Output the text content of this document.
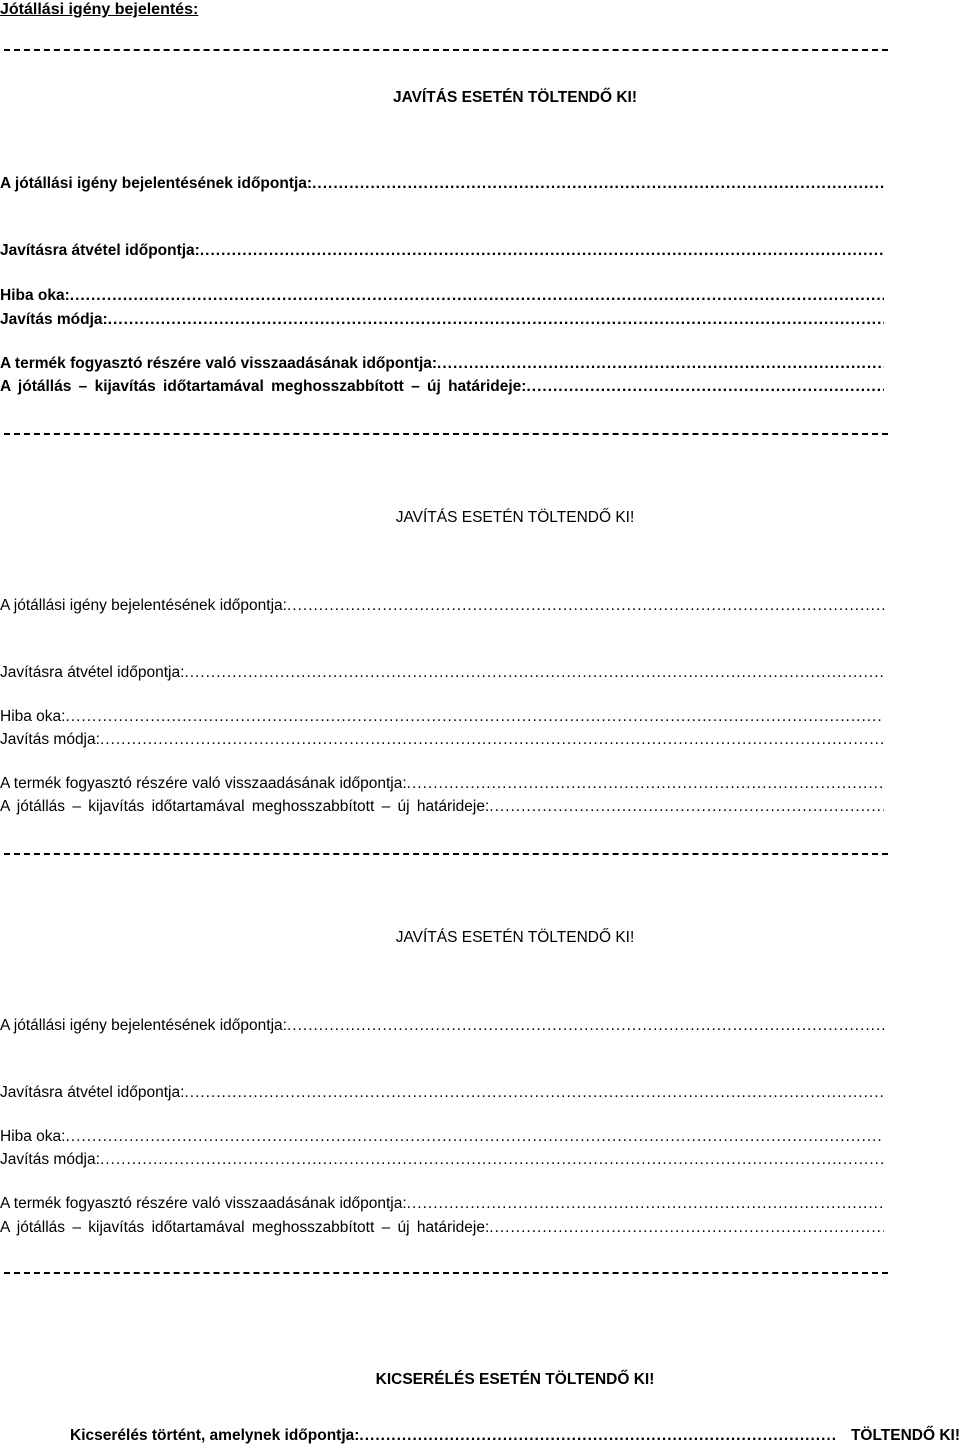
Jótállási igény bejelentés:
JAVÍTÁS ESETÉN TÖLTENDŐ KI!
A jótállási igény bejelentésének időpontja:
.....
Javításra átvétel időpontja:
.....
Hiba oka:
.....
Javítás módja:
.....
A termék fogyasztó részére való visszaadásának időpontja:
.....
A jótállás – kijavítás időtartamával meghosszabbított – új határideje:
.....
JAVÍTÁS ESETÉN TÖLTENDŐ KI!
A jótállási igény bejelentésének időpontja:
.....
Javításra átvétel időpontja:
.....
Hiba oka:
.....
Javítás módja:
.....
A termék fogyasztó részére való visszaadásának időpontja:
.....
A jótállás – kijavítás időtartamával meghosszabbított – új határideje:
.....
JAVÍTÁS ESETÉN TÖLTENDŐ KI!
A jótállási igény bejelentésének időpontja:
.....
Javításra átvétel időpontja:
.....
Hiba oka:
.....
Javítás módja:
.....
A termék fogyasztó részére való visszaadásának időpontja:
.....
A jótállás – kijavítás időtartamával meghosszabbított – új határideje:
.....
KICSERÉLÉS ESETÉN TÖLTENDŐ KI!
Kicserélés történt, amelynek időpontja:
.....	TÖLTENDŐ KI!
